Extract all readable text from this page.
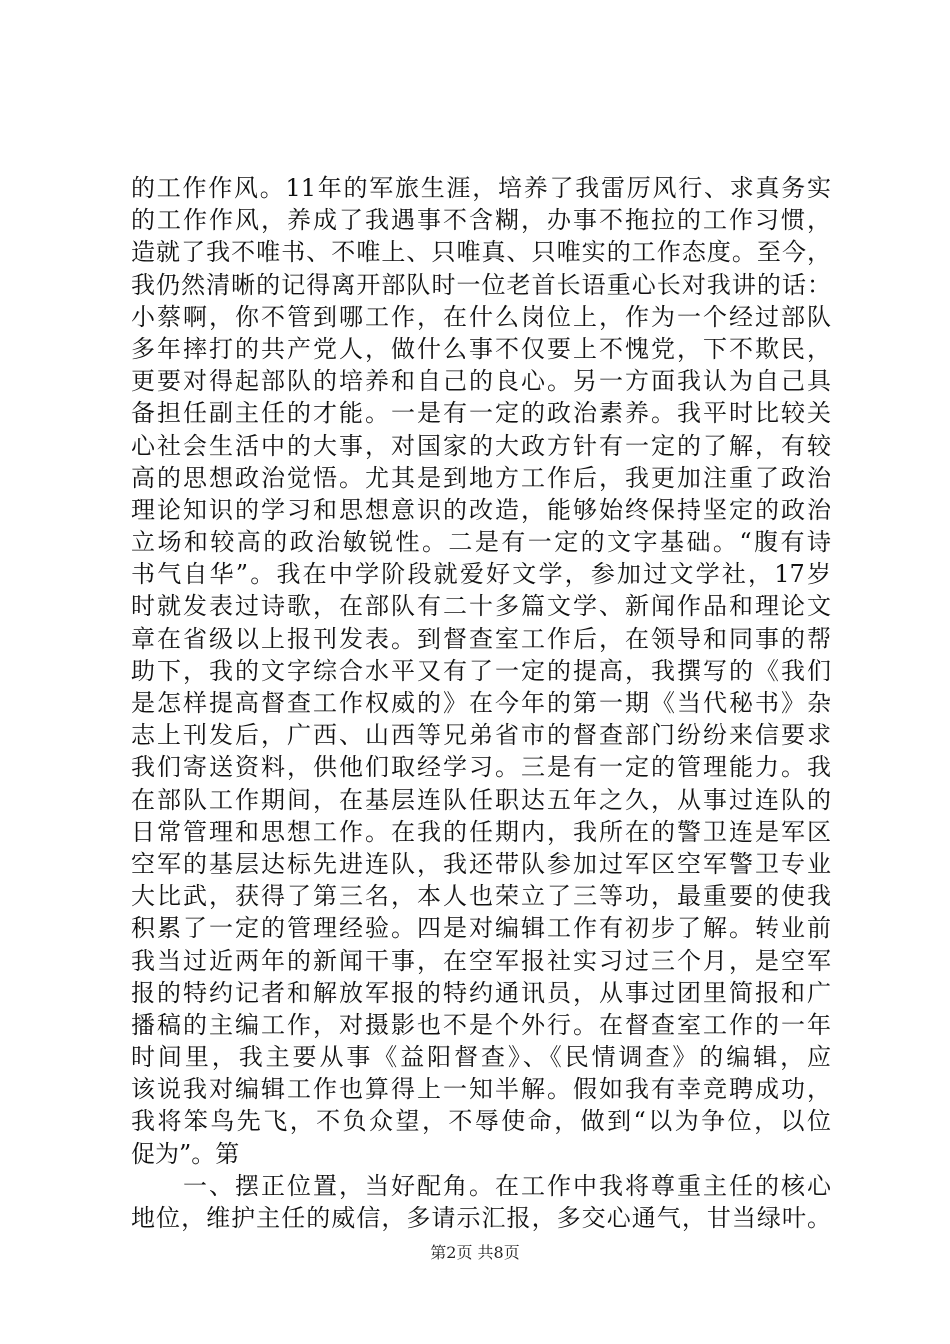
的工作作风。11年的军旅生涯，培养了我雷厉风行、求真务实
的工作作风，养成了我遇事不含糊，办事不拖拉的工作习惯，
造就了我不唯书、不唯上、只唯真、只唯实的工作态度。至今，
我仍然清晰的记得离开部队时一位老首长语重心长对我讲的话：
小蔡啊，你不管到哪工作，在什么岗位上，作为一个经过部队
多年摔打的共产党人，做什么事不仅要上不愧党，下不欺民，
更要对得起部队的培养和自己的良心。另一方面我认为自己具
备担任副主任的才能。一是有一定的政治素养。我平时比较关
心社会生活中的大事，对国家的大政方针有一定的了解，有较
高的思想政治觉悟。尤其是到地方工作后，我更加注重了政治
理论知识的学习和思想意识的改造，能够始终保持坚定的政治
立场和较高的政治敏锐性。二是有一定的文字基础。“腹有诗
书气自华”。我在中学阶段就爱好文学，参加过文学社，17岁
时就发表过诗歌，在部队有二十多篇文学、新闻作品和理论文
章在省级以上报刊发表。到督查室工作后，在领导和同事的帮
助下，我的文字综合水平又有了一定的提高，我撰写的《我们
是怎样提高督查工作权威的》在今年的第一期《当代秘书》杂
志上刊发后，广西、山西等兄弟省市的督查部门纷纷来信要求
我们寄送资料，供他们取经学习。三是有一定的管理能力。我
在部队工作期间，在基层连队任职达五年之久，从事过连队的
日常管理和思想工作。在我的任期内，我所在的警卫连是军区
空军的基层达标先进连队，我还带队参加过军区空军警卫专业
大比武，获得了第三名，本人也荣立了三等功，最重要的使我
积累了一定的管理经验。四是对编辑工作有初步了解。转业前
我当过近两年的新闻干事，在空军报社实习过三个月，是空军
报的特约记者和解放军报的特约通讯员，从事过团里简报和广
播稿的主编工作，对摄影也不是个外行。在督查室工作的一年
时间里，我主要从事《益阳督查》、《民情调查》的编辑，应
该说我对编辑工作也算得上一知半解。假如我有幸竞聘成功，
我将笨鸟先飞，不负众望，不辱使命，做到“以为争位，以位
促为”。第
　　一、摆正位置，当好配角。在工作中我将尊重主任的核心
地位，维护主任的威信，多请示汇报，多交心通气，甘当绿叶。
第2页 共8页
